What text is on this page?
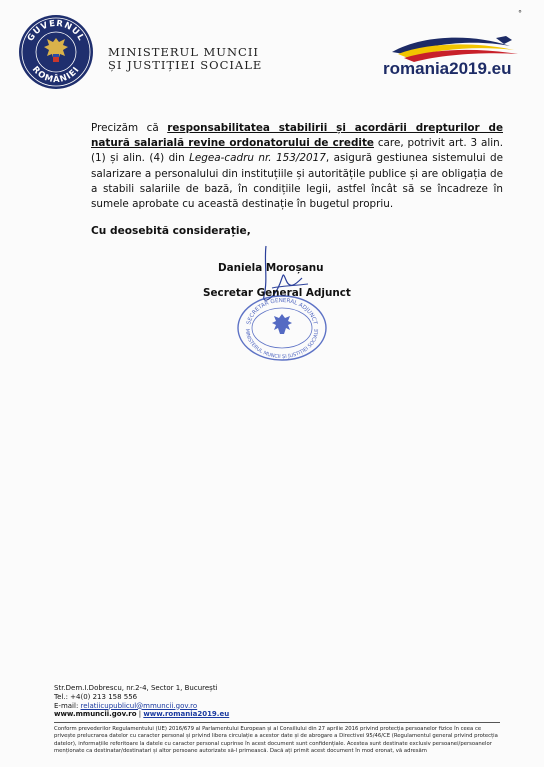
GUVERNUL
ROMÂNIEI
MINISTERUL MUNCII
ȘI JUSTIȚIEI SOCIALE	romania2019.eu
°
Precizăm că responsabilitatea stabilirii și acordării drepturilor de natură salarială revine ordonatorului de credite care, potrivit art. 3 alin. (1) și alin. (4) din Legea-cadru nr. 153/2017, asigură gestiunea sistemului de salarizare a personalului din instituțiile și autoritățile publice și are obligația de a stabili salariile de bază, în condițiile legii, astfel încât să se încadreze în sumele aprobate cu această destinație în bugetul propriu.
Cu deosebită considerație,
Daniela Moroșanu
Secretar General Adjunct
SECRETAR GENERAL ADJUNCT
MINISTERUL MUNCII ȘI JUSTIȚIEI SOCIALE
Str.Dem.I.Dobrescu, nr.2-4, Sector 1, București
Tel.: +4(0) 213 158 556
E-mail: relatiicupublicul@mmuncii.gov.ro
www.mmuncii.gov.ro | www.romania2019.eu
Conform prevederilor Regulamentului (UE) 2016/679 al Parlamentului European și al Consiliului din 27 aprilie 2016 privind protecția persoanelor fizice în ceea ce privește prelucrarea datelor cu caracter personal și privind libera circulație a acestor date și de abrogare a Directivei 95/46/CE (Regulamentul general privind protecția datelor), informațiile referitoare la datele cu caracter personal cuprinse în acest document sunt confidențiale. Acestea sunt destinate exclusiv persoanei/persoanelor menționate ca destinatar/destinatari și altor persoane autorizate să-l primească. Dacă ați primit acest document în mod eronat, vă adresăm
